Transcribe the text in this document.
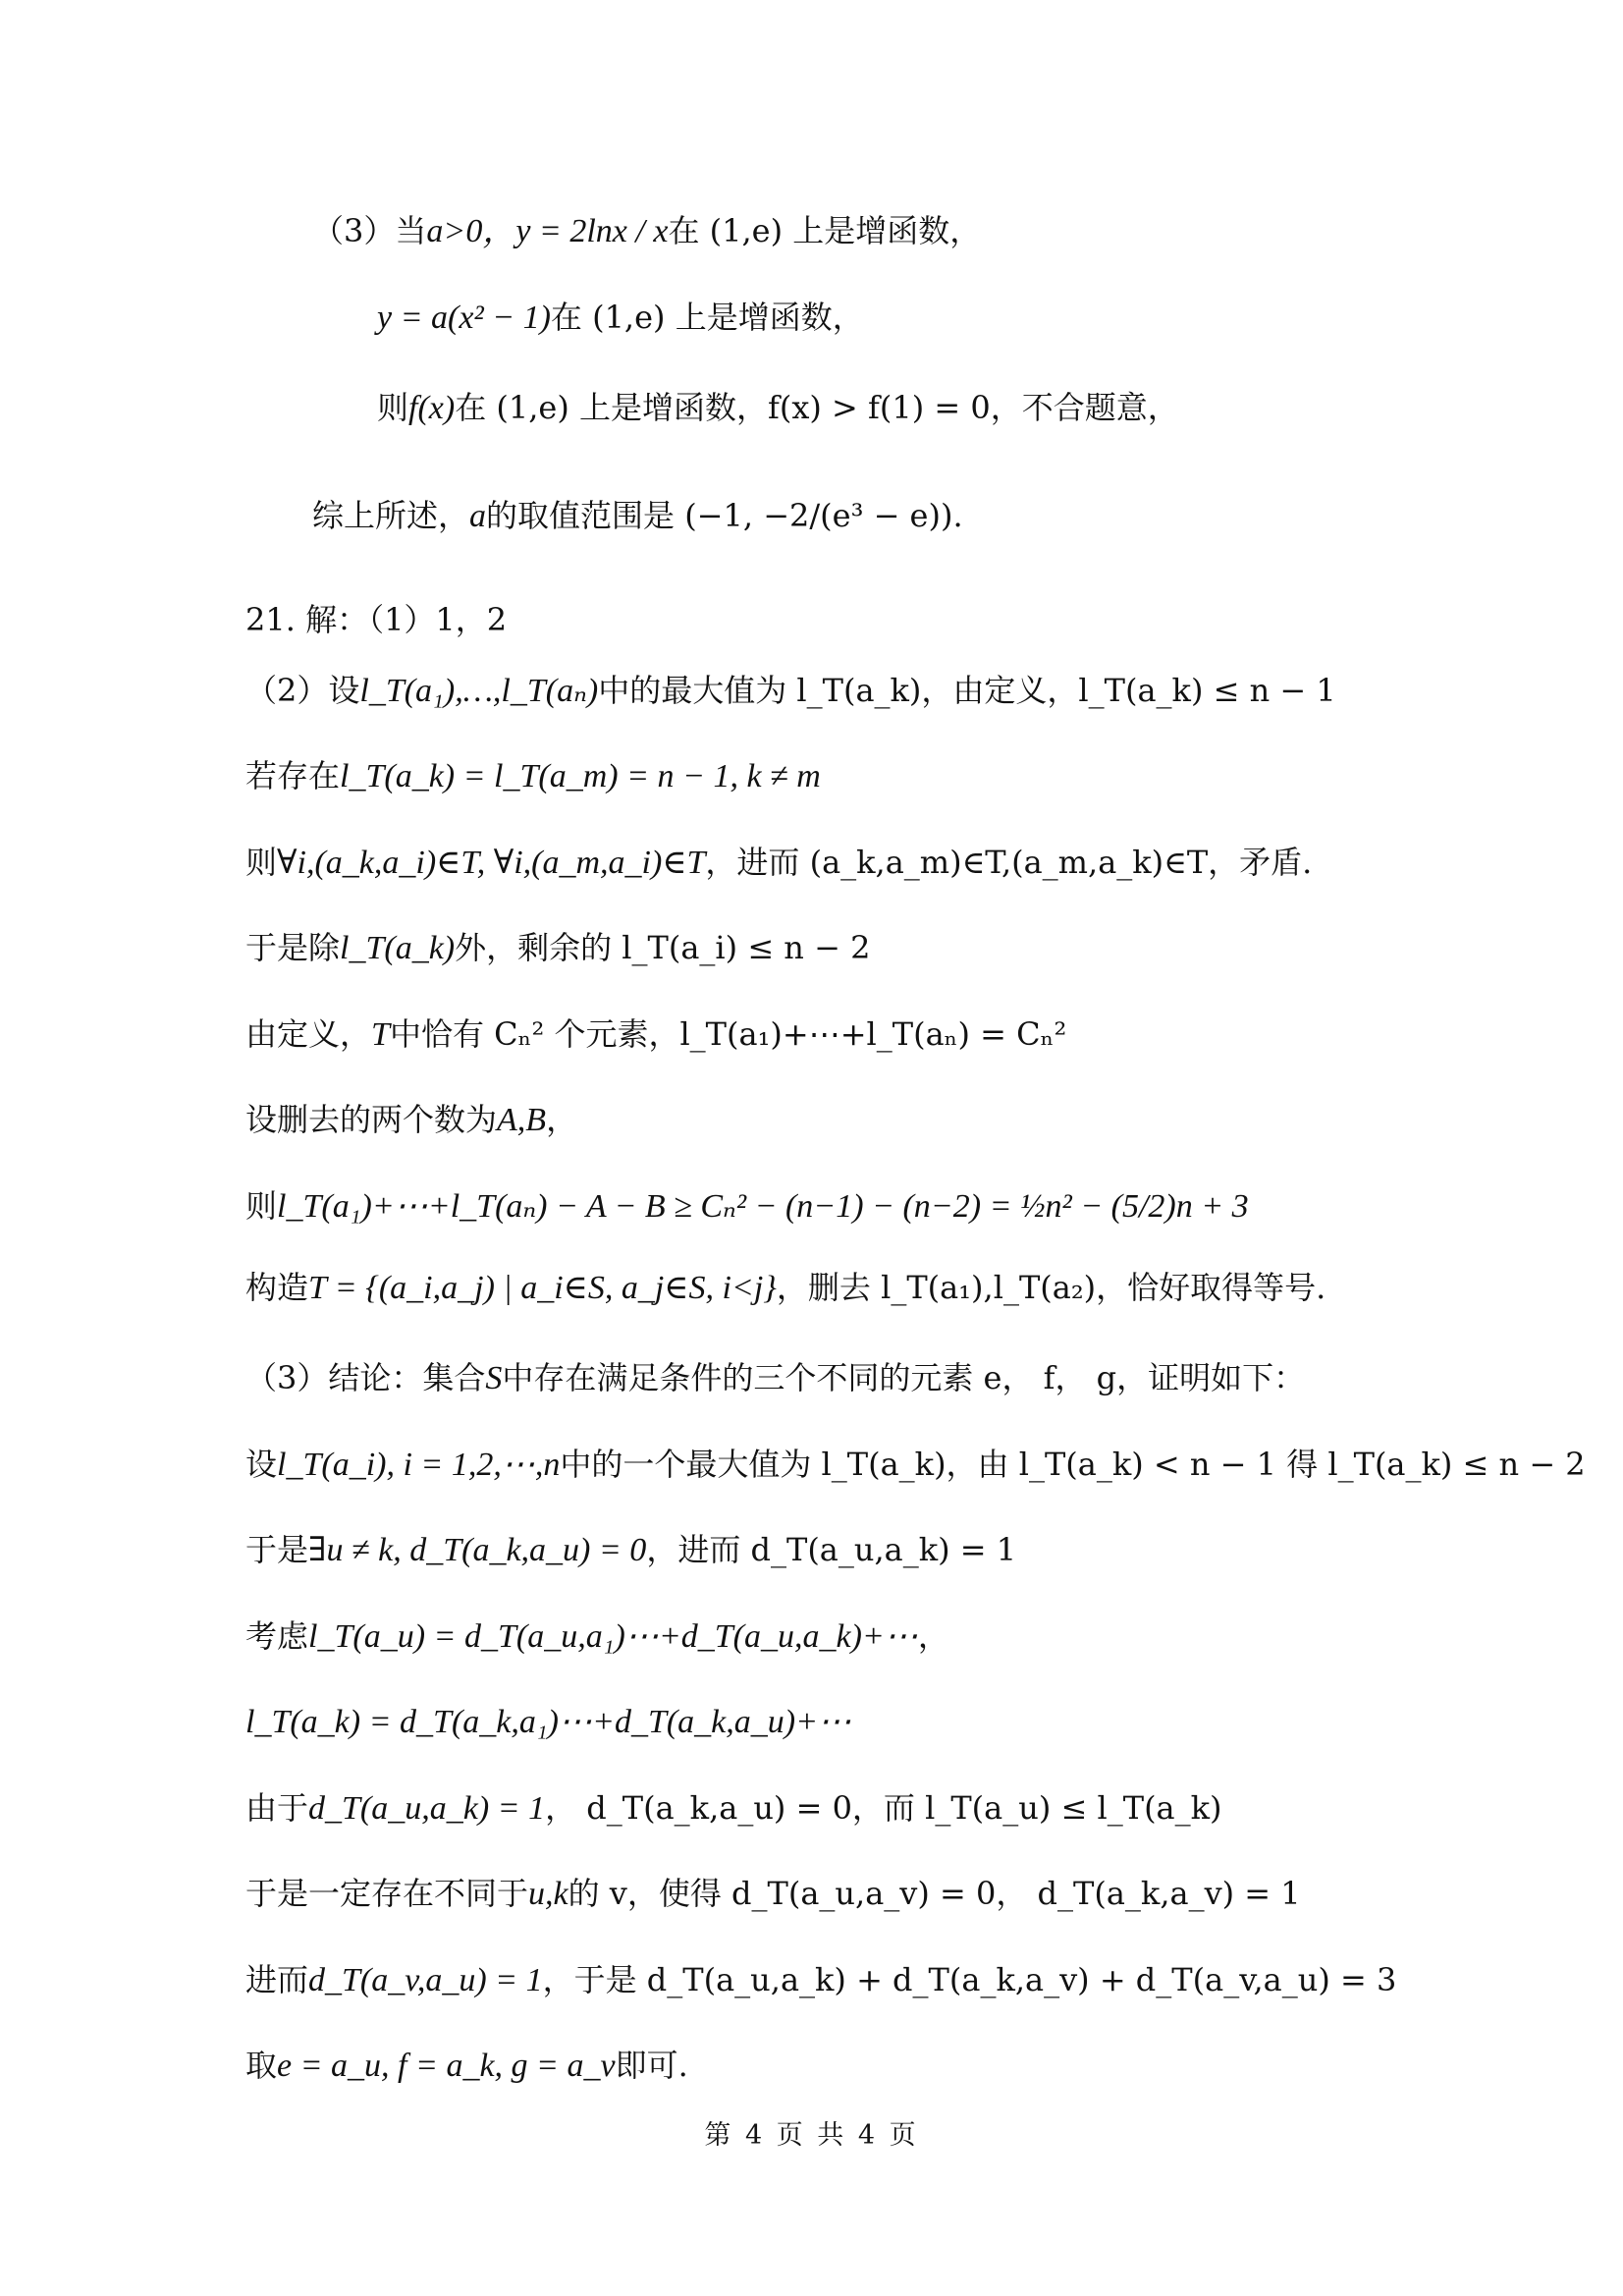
（3）当a>0，y = 2lnx / x在 (1,e) 上是增函数，
y = a(x² − 1)在 (1,e) 上是增函数，
则f(x)在 (1,e) 上是增函数，f(x) > f(1) = 0，不合题意，
综上所述，a的取值范围是 (−1, −2/(e³ − e)).
21. 解：（1）1，2
（2）设l_T(a₁),…,l_T(aₙ)中的最大值为 l_T(a_k)，由定义，l_T(a_k) ≤ n − 1
若存在l_T(a_k) = l_T(a_m) = n − 1, k ≠ m
则∀i,(a_k,a_i)∈T, ∀i,(a_m,a_i)∈T，进而 (a_k,a_m)∈T,(a_m,a_k)∈T，矛盾.
于是除l_T(a_k)外，剩余的 l_T(a_i) ≤ n − 2
由定义，T中恰有 Cₙ² 个元素，l_T(a₁)+⋯+l_T(aₙ) = Cₙ²
设删去的两个数为A,B，
则l_T(a₁)+⋯+l_T(aₙ) − A − B ≥ Cₙ² − (n−1) − (n−2) = ½n² − (5/2)n + 3
构造T = {(a_i,a_j) | a_i∈S, a_j∈S, i<j}，删去 l_T(a₁),l_T(a₂)，恰好取得等号.
（3）结论：集合S中存在满足条件的三个不同的元素 e， f， g，证明如下：
设l_T(a_i), i = 1,2,⋯,n中的一个最大值为 l_T(a_k)，由 l_T(a_k) < n − 1 得 l_T(a_k) ≤ n − 2
于是∃u ≠ k, d_T(a_k,a_u) = 0，进而 d_T(a_u,a_k) = 1
考虑l_T(a_u) = d_T(a_u,a₁)⋯+d_T(a_u,a_k)+⋯，
l_T(a_k) = d_T(a_k,a₁)⋯+d_T(a_k,a_u)+⋯
由于d_T(a_u,a_k) = 1， d_T(a_k,a_u) = 0，而 l_T(a_u) ≤ l_T(a_k)
于是一定存在不同于u,k的 v，使得 d_T(a_u,a_v) = 0， d_T(a_k,a_v) = 1
进而d_T(a_v,a_u) = 1，于是 d_T(a_u,a_k) + d_T(a_k,a_v) + d_T(a_v,a_u) = 3
取e = a_u, f = a_k, g = a_v即可.
第 4 页 共 4 页
